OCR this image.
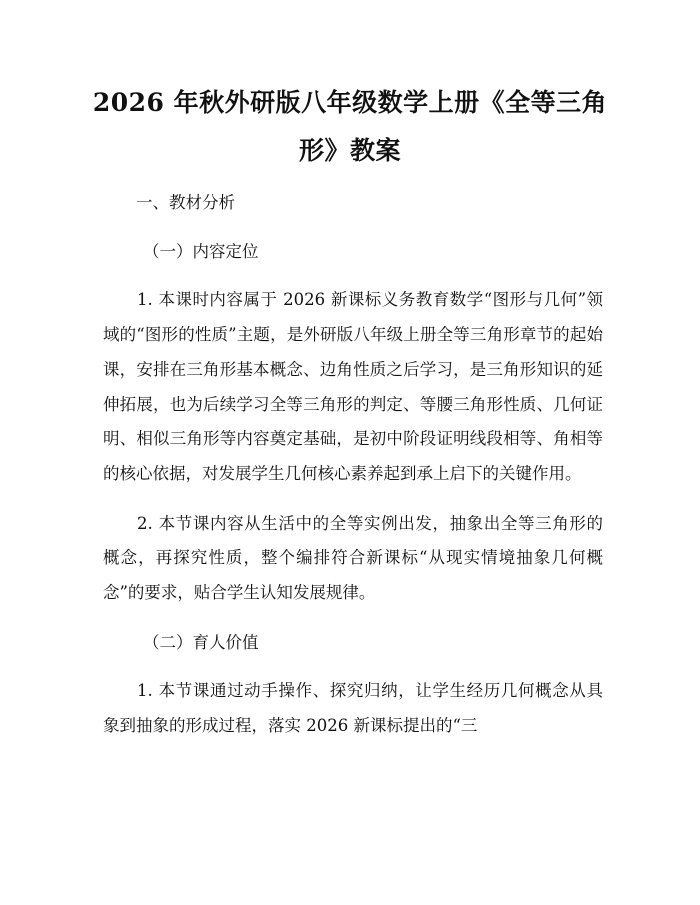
2026 年秋外研版八年级数学上册《全等三角
形》教案

一、教材分析

（一）内容定位

1. 本课时内容属于 2026 新课标义务教育数学“图形与几何”领域的“图形的性质”主题，是外研版八年级上册全等三角形章节的起始课，安排在三角形基本概念、边角性质之后学习，是三角形知识的延伸拓展，也为后续学习全等三角形的判定、等腰三角形性质、几何证明、相似三角形等内容奠定基础，是初中阶段证明线段相等、角相等的核心依据，对发展学生几何核心素养起到承上启下的关键作用。

2. 本节课内容从生活中的全等实例出发，抽象出全等三角形的概念，再探究性质，整个编排符合新课标“从现实情境抽象几何概念”的要求，贴合学生认知发展规律。

（二）育人价值

1. 本节课通过动手操作、探究归纳，让学生经历几何概念从具象到抽象的形成过程，落实 2026 新课标提出的“三
